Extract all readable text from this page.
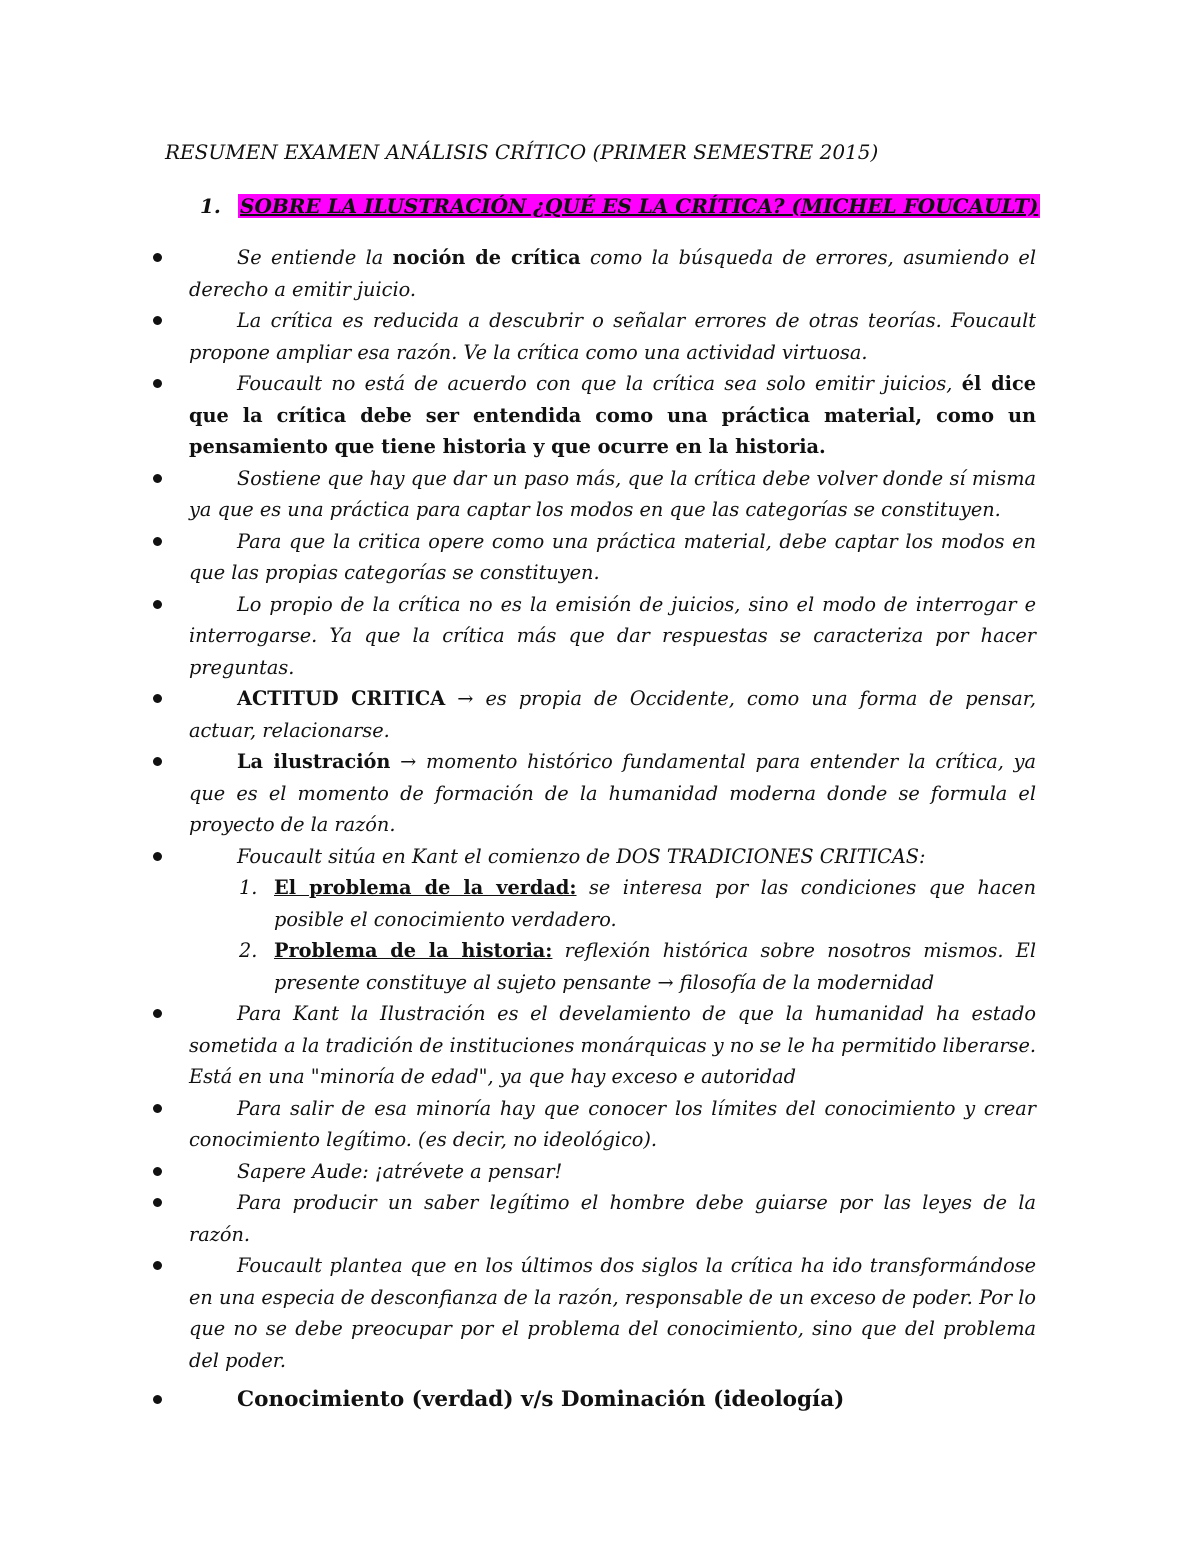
RESUMEN EXAMEN ANÁLISIS CRÍTICO (PRIMER SEMESTRE 2015)
1. SOBRE LA ILUSTRACIÓN ¿QUÉ ES LA CRÍTICA? (MICHEL FOUCAULT)
Se entiende la noción de crítica como la búsqueda de errores, asumiendo el derecho a emitir juicio.
La crítica es reducida a descubrir o señalar errores de otras teorías. Foucault propone ampliar esa razón. Ve la crítica como una actividad virtuosa.
Foucault no está de acuerdo con que la crítica sea solo emitir juicios, él dice que la crítica debe ser entendida como una práctica material, como un pensamiento que tiene historia y que ocurre en la historia.
Sostiene que hay que dar un paso más, que la crítica debe volver donde sí misma ya que es una práctica para captar los modos en que las categorías se constituyen.
Para que la critica opere como una práctica material, debe captar los modos en que las propias categorías se constituyen.
Lo propio de la crítica no es la emisión de juicios, sino el modo de interrogar e interrogarse. Ya que la crítica más que dar respuestas se caracteriza por hacer preguntas.
ACTITUD CRITICA → es propia de Occidente, como una forma de pensar, actuar, relacionarse.
La ilustración → momento histórico fundamental para entender la crítica, ya que es el momento de formación de la humanidad moderna donde se formula el proyecto de la razón.
Foucault sitúa en Kant el comienzo de DOS TRADICIONES CRITICAS:
1. El problema de la verdad: se interesa por las condiciones que hacen posible el conocimiento verdadero.
2. Problema de la historia: reflexión histórica sobre nosotros mismos. El presente constituye al sujeto pensante → filosofía de la modernidad
Para Kant la Ilustración es el develamiento de que la humanidad ha estado sometida a la tradición de instituciones monárquicas y no se le ha permitido liberarse. Está en una "minoría de edad", ya que hay exceso e autoridad
Para salir de esa minoría hay que conocer los límites del conocimiento y crear conocimiento legítimo. (es decir, no ideológico).
Sapere Aude: ¡atrévete a pensar!
Para producir un saber legítimo el hombre debe guiarse por las leyes de la razón.
Foucault plantea que en los últimos dos siglos la crítica ha ido transformándose en una especia de desconfianza de la razón, responsable de un exceso de poder. Por lo que no se debe preocupar por el problema del conocimiento, sino que del problema del poder.
Conocimiento (verdad) v/s Dominación (ideología)
